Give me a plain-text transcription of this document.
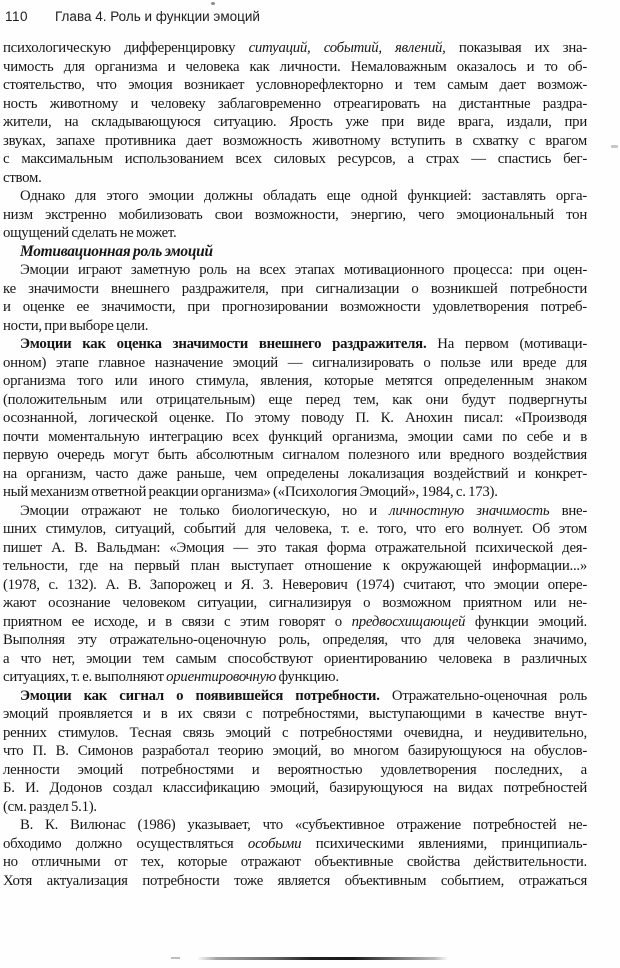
110	Глава 4. Роль и функции эмоций
психологическую дифференцировку ситуаций, событий, явлений, показывая их зна-
чимость для организма и человека как личности. Немаловажным оказалось и то об-
стоятельство, что эмоция возникает условнорефлекторно и тем самым дает возмож-
ность животному и человеку заблаговременно отреагировать на дистантные раздра-
жители, на складывающуюся ситуацию. Ярость уже при виде врага, издали, при
звуках, запахе противника дает возможность животному вступить в схватку с врагом
с максимальным использованием всех силовых ресурсов, а страх — спастись бег-
ством.
Однако для этого эмоции должны обладать еще одной функцией: заставлять орга-
низм экстренно мобилизовать свои возможности, энергию, чего эмоциональный тон
ощущений сделать не может.
Мотивационная роль эмоций
Эмоции играют заметную роль на всех этапах мотивационного процесса: при оцен-
ке значимости внешнего раздражителя, при сигнализации о возникшей потребности
и оценке ее значимости, при прогнозировании возможности удовлетворения потреб-
ности, при выборе цели.
Эмоции как оценка значимости внешнего раздражителя. На первом (мотиваци-
онном) этапе главное назначение эмоций — сигнализировать о пользе или вреде для
организма того или иного стимула, явления, которые метятся определенным знаком
(положительным или отрицательным) еще перед тем, как они будут подвергнуты
осознанной, логической оценке. По этому поводу П. К. Анохин писал: «Производя
почти моментальную интеграцию всех функций организма, эмоции сами по себе и в
первую очередь могут быть абсолютным сигналом полезного или вредного воздействия
на организм, часто даже раньше, чем определены локализация воздействий и конкрет-
ный механизм ответной реакции организма» («Психология Эмоций», 1984, с. 173).
Эмоции отражают не только биологическую, но и личностную значимость вне-
шних стимулов, ситуаций, событий для человека, т. е. того, что его волнует. Об этом
пишет А. В. Вальдман: «Эмоция — это такая форма отражательной психической дея-
тельности, где на первый план выступает отношение к окружающей информации...»
(1978, с. 132). А. В. Запорожец и Я. З. Неверович (1974) считают, что эмоции опере-
жают осознание человеком ситуации, сигнализируя о возможном приятном или не-
приятном ее исходе, и в связи с этим говорят о предвосхищающей функции эмоций.
Выполняя эту отражательно-оценочную роль, определяя, что для человека значимо,
а что нет, эмоции тем самым способствуют ориентированию человека в различных
ситуациях, т. е. выполняют ориентировочную функцию.
Эмоции как сигнал о появившейся потребности. Отражательно-оценочная роль
эмоций проявляется и в их связи с потребностями, выступающими в качестве внут-
ренних стимулов. Тесная связь эмоций с потребностями очевидна, и неудивительно,
что П. В. Симонов разработал теорию эмоций, во многом базирующуюся на обуслов-
ленности эмоций потребностями и вероятностью удовлетворения последних, а
Б. И. Додонов создал классификацию эмоций, базирующуюся на видах потребностей
(см. раздел 5.1).
В. К. Вилюнас (1986) указывает, что «субъективное отражение потребностей не-
обходимо должно осуществляться особыми психическими явлениями, принципиаль-
но отличными от тех, которые отражают объективные свойства действительности.
Хотя актуализация потребности тоже является объективным событием, отражаться
